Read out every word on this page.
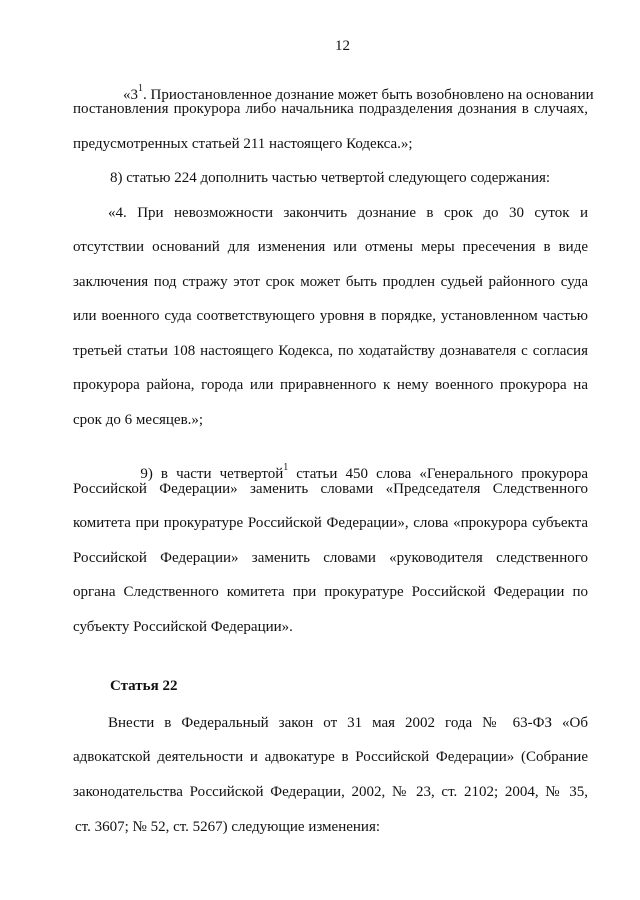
12

«$3^1$. Приостановленное дознание может быть возобновлено на основании

постановления прокурора либо начальника подразделения дознания в случаях,
предусмотренных статьей 211 настоящего Кодекса.»;
8) статью 224 дополнить частью четвертой следующего содержания:
«4. При невозможности закончить дознание в срок до 30 суток и
отсутствии оснований для изменения или отмены меры пресечения в виде
заключения под стражу этот срок может быть продлен судьей районного суда
или военного суда соответствующего уровня в порядке, установленном частью
третьей статьи 108 настоящего Кодекса, по ходатайству дознавателя с согласия
прокурора района, города или приравненного к нему военного прокурора на
срок до 6 месяцев.»;

9) в части четвертой$^1$ статьи 450 слова «Генерального прокурора

Российской Федерации» заменить словами «Председателя Следственного
комитета при прокуратуре Российской Федерации», слова «прокурора субъекта
Российской Федерации» заменить словами «руководителя следственного
органа Следственного комитета при прокуратуре Российской Федерации по
субъекту Российской Федерации».
Статья 22
Внести в Федеральный закон от 31 мая 2002 года № 63-ФЗ «Об
адвокатской деятельности и адвокатуре в Российской Федерации» (Собрание
законодательства Российской Федерации, 2002, № 23, ст. 2102; 2004, № 35,
ст. 3607; № 52, ст. 5267) следующие изменения:
